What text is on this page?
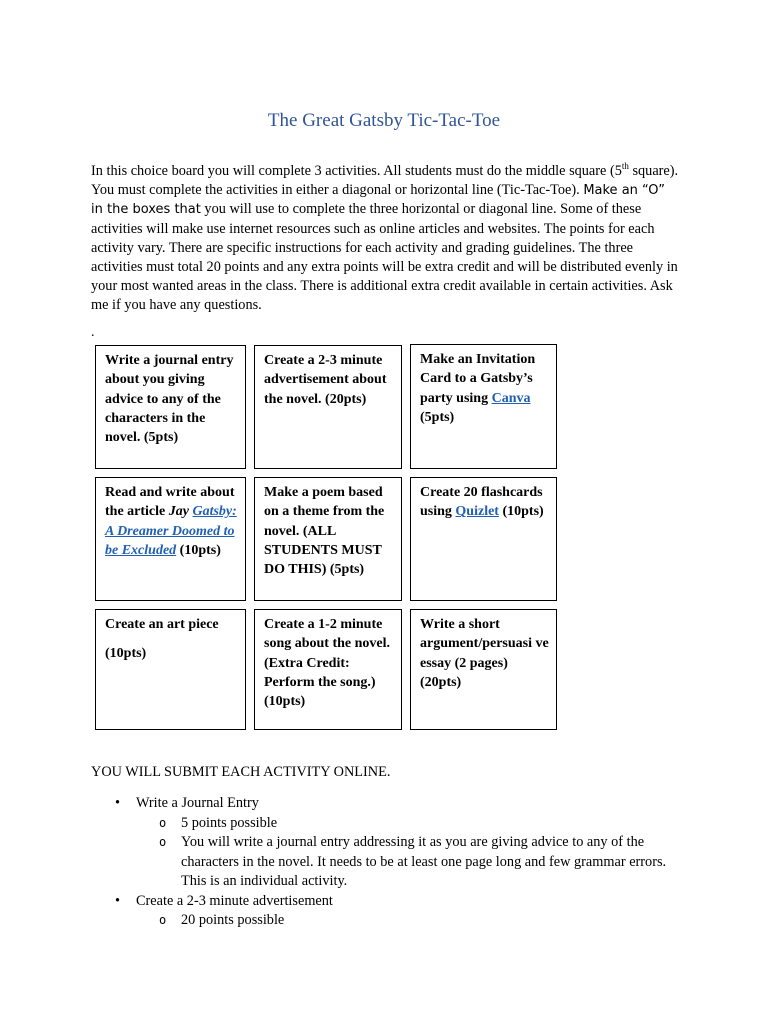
The Great Gatsby Tic-Tac-Toe
In this choice board you will complete 3 activities. All students must do the middle square (5th square). You must complete the activities in either a diagonal or horizontal line (Tic-Tac-Toe). Make an “O” in the boxes that you will use to complete the three horizontal or diagonal line. Some of these activities will make use internet resources such as online articles and websites. The points for each activity vary. There are specific instructions for each activity and grading guidelines. The three activities must total 20 points and any extra points will be extra credit and will be distributed evenly in your most wanted areas in the class. There is additional extra credit available in certain activities. Ask me if you have any questions.
.
Write a journal entry about you giving advice to any of the characters in the novel. (5pts)
Create a 2-3 minute advertisement about the novel. (20pts)
Make an Invitation Card to a Gatsby’s party using Canva
(5pts)
Read and write about the article Jay Gatsby: A Dreamer Doomed to be Excluded (10pts)
Make a poem based on a theme from the novel. (ALL STUDENTS MUST DO THIS) (5pts)
Create 20 flashcards using Quizlet (10pts)
Create an art piece
(10pts)
Create a 1-2 minute song about the novel. (Extra Credit: Perform the song.) (10pts)
Write a short argument/persuasi ve essay (2 pages) (20pts)
YOU WILL SUBMIT EACH ACTIVITY ONLINE.
• Write a Journal Entry
o 5 points possible
o You will write a journal entry addressing it as you are giving advice to any of the characters in the novel. It needs to be at least one page long and few grammar errors. This is an individual activity.
• Create a 2-3 minute advertisement
o 20 points possible
